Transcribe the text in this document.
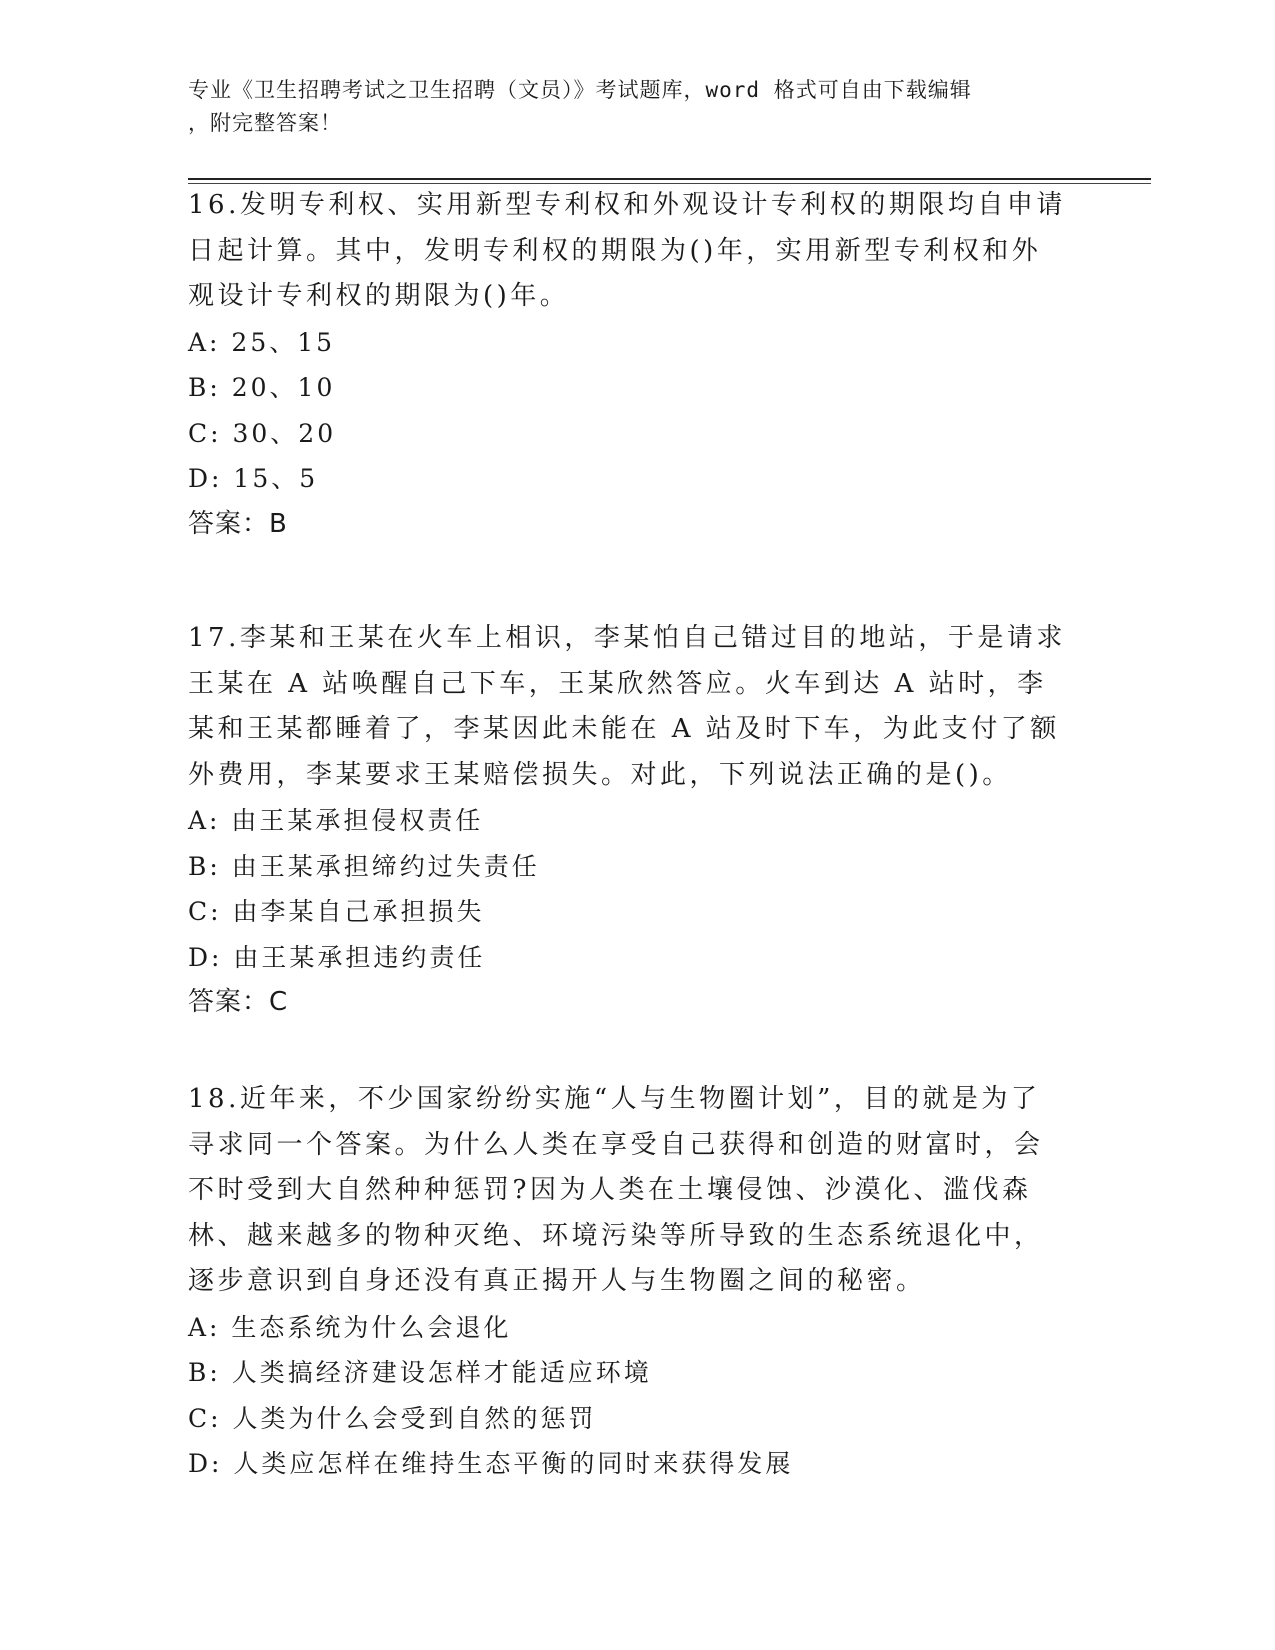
专业《卫生招聘考试之卫生招聘（文员）》考试题库，word 格式可自由下载编辑
，附完整答案！

16.发明专利权、实用新型专利权和外观设计专利权的期限均自申请日起计算。其中，发明专利权的期限为()年，实用新型专利权和外观设计专利权的期限为()年。

A: 25、15

B: 20、10

C: 30、20

D: 15、5

答案：B

17.李某和王某在火车上相识，李某怕自己错过目的地站，于是请求王某在 A 站唤醒自己下车，王某欣然答应。火车到达 A 站时，李某和王某都睡着了，李某因此未能在 A 站及时下车，为此支付了额外费用，李某要求王某赔偿损失。对此，下列说法正确的是()。

A: 由王某承担侵权责任

B: 由王某承担缔约过失责任

C: 由李某自己承担损失

D: 由王某承担违约责任

答案：C

18.近年来，不少国家纷纷实施“人与生物圈计划”，目的就是为了寻求同一个答案。为什么人类在享受自己获得和创造的财富时，会不时受到大自然种种惩罚?因为人类在土壤侵蚀、沙漠化、滥伐森林、越来越多的物种灭绝、环境污染等所导致的生态系统退化中，逐步意识到自身还没有真正揭开人与生物圈之间的秘密。

A: 生态系统为什么会退化

B: 人类搞经济建设怎样才能适应环境

C: 人类为什么会受到自然的惩罚

D: 人类应怎样在维持生态平衡的同时来获得发展
